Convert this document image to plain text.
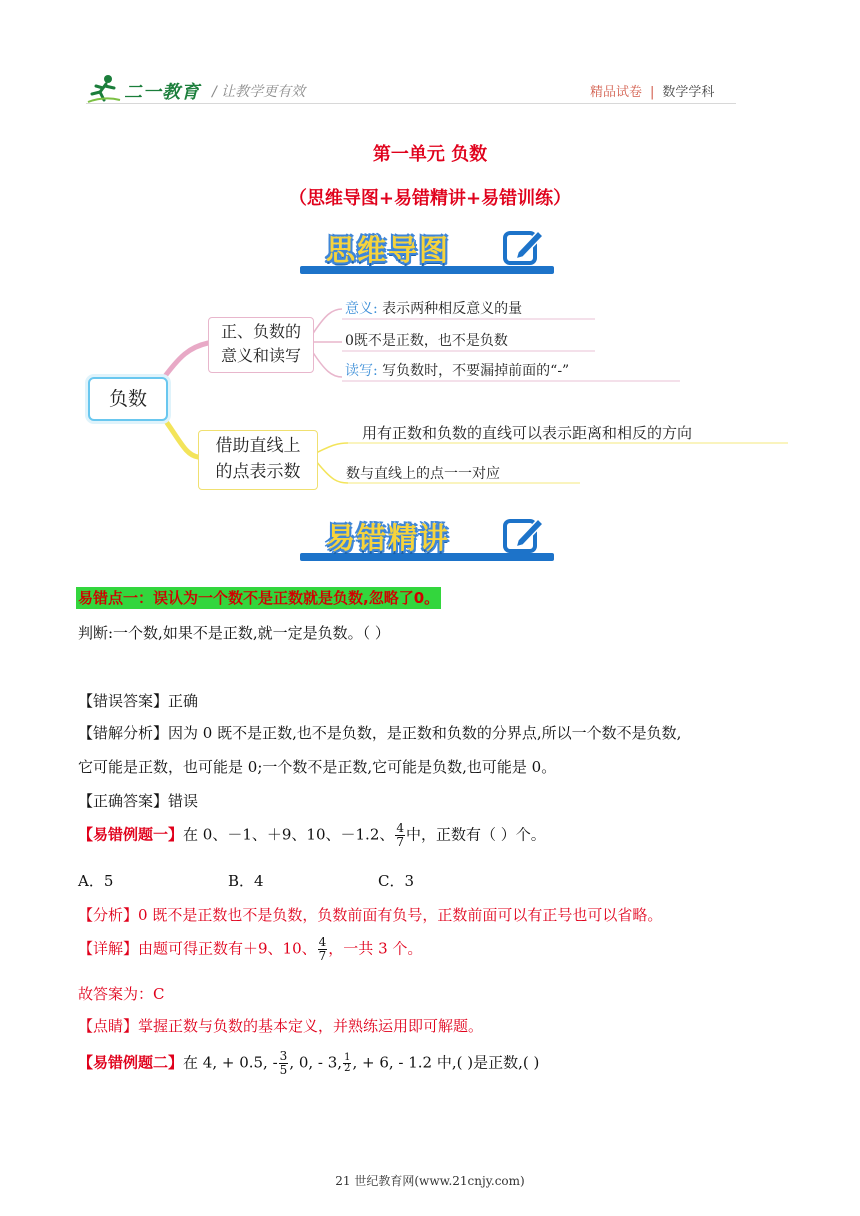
二一教育 / 让教学更有效	精品试卷 | 数学学科
第一单元 负数
（思维导图+易错精讲+易错训练）
思维导图
负数
正、负数的
意义和读写
借助直线上
的点表示数
意义: 表示两种相反意义的量
0既不是正数，也不是负数
读写: 写负数时，不要漏掉前面的“-”
用有正数和负数的直线可以表示距离和相反的方向
数与直线上的点一一对应
易错精讲
易错点一：误认为一个数不是正数就是负数,忽略了0。
判断:一个数,如果不是正数,就一定是负数。（ ）
【错误答案】正确
【错解分析】因为 0 既不是正数,也不是负数，是正数和负数的分界点,所以一个数不是负数,
它可能是正数，也可能是 0;一个数不是正数,它可能是负数,也可能是 0。
【正确答案】错误
【易错例题一】在 0、－1、＋9、10、－1.2、 $\frac{4}{7}$ 中，正数有（ ）个。
A．5	B．4	C．3
【分析】0 既不是正数也不是负数，负数前面有负号，正数前面可以有正号也可以省略。
【详解】由题可得正数有＋9、10、 $\frac{4}{7}$ ，一共 3 个。
故答案为：C
【点睛】掌握正数与负数的基本定义，并熟练运用即可解题。
【易错例题二】在 4, + 0.5, - $\frac{3}{5}$ , 0, - 3, $\frac{1}{2}$ , + 6, - 1.2 中,( )是正数,( )
21 世纪教育网(www.21cnjy.com)
